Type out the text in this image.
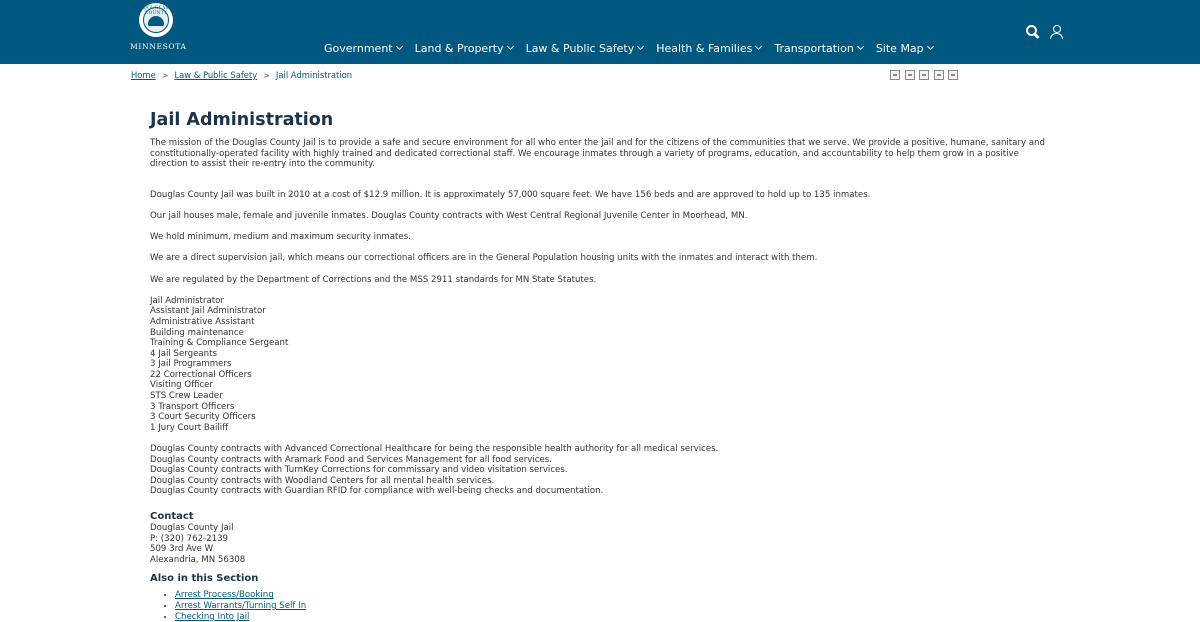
DOUGLAS COUNTY
MINNESOTA	Government Land & Property Law & Public Safety Health & Families Transportation Site Map
Home > Law & Public Safety > Jail Administration
Jail Administration
The mission of the Douglas County Jail is to provide a safe and secure environment for all who enter the jail and for the citizens of the communities that we serve. We provide a positive, humane, sanitary and constitutionally-operated facility with highly trained and dedicated correctional staff. We encourage inmates through a variety of programs, education, and accountability to help them grow in a positive direction to assist their re-entry into the community.
Douglas County Jail was built in 2010 at a cost of $12.9 million. It is approximately 57,000 square feet. We have 156 beds and are approved to hold up to 135 inmates.
Our jail houses male, female and juvenile inmates. Douglas County contracts with West Central Regional Juvenile Center in Moorhead, MN.
We hold minimum, medium and maximum security inmates.
We are a direct supervision jail, which means our correctional officers are in the General Population housing units with the inmates and interact with them.
We are regulated by the Department of Corrections and the MSS 2911 standards for MN State Statutes.
Jail Administrator
Assistant Jail Administrator
Administrative Assistant
Building maintenance
Training & Compliance Sergeant
4 Jail Sergeants
3 Jail Programmers
22 Correctional Officers
Visiting Officer
STS Crew Leader
3 Transport Officers
3 Court Security Officers
1 Jury Court Bailiff
Douglas County contracts with Advanced Correctional Healthcare for being the responsible health authority for all medical services.
Douglas County contracts with Aramark Food and Services Management for all food services.
Douglas County contracts with TurnKey Corrections for commissary and video visitation services.
Douglas County contracts with Woodland Centers for all mental health services.
Douglas County contracts with Guardian RFID for compliance with well-being checks and documentation.
Contact
Douglas County Jail
P: (320) 762-2139
509 3rd Ave W
Alexandria, MN 56308
Also in this Section
• Arrest Process/Booking
• Arrest Warrants/Turning Self In
• Checking Into Jail
